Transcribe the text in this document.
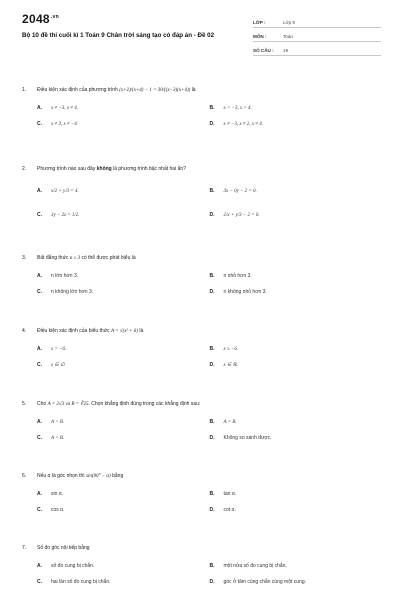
$2048^{.vn}$
Bộ 10 đề thi cuối kì 1 Toán 9 Chân trời sáng tạo có đáp án - Đề 02
LỚP :	Lớp 9
MÔN :	Toán
SỐ CÂU :	19
1.	Điều kiện xác định của phương trình
(x+2)/(x+4) − 1 = 30/((x−3)(x+4))
là
A.	x ≠ −3, x ≠ 4.	B.	x < −3, x > 4.
C.	x ≠ 3, x ≠ −4.	D.	x ≠ −3, x ≠ 2, x ≠ 4.
2.	Phương trình nào sau đây
không
là phương trình bậc nhất hai ẩn?
A.	x/2 + y/3 = 4.	B.	3x − 0y − 2 = 0.
C.	3y − 2z = 1/2.	D.	2/x + y/3 − 2 = 0.
3.	Bất đẳng thức
n ≤ 3
có thể được phát biểu là
A.	n lớn hơn 3.	B.	n nhỏ hơn 3.
C.	n không lớn hơn 3.	D.	n không nhỏ hơn 3.
4.	Điều kiện xác định của biểu thức
A = √(x² + 6)
là
A.	x > −6.	B.	x ≥ −6.
C.	x ∈ ∅.	D.	x ∈ ℝ.
5.	Cho
A = 2√3 và B = ∛25 . Chọn khẳng định đúng trong các khẳng định sau:
A.	A > B.	B.	A = B.
C.	A < B.	D.	Không so sánh được.
6.	Nếu α là góc nhọn thì
sin(90° − α)
bằng
A.	sin α.	B.	tan α.
C.	cos α.	D.	cot α.
7.	Số đo góc nội tiếp bằng
A.	số đo cung bị chắn.	B.	một nửa số đo cung bị chắn.
C.	hai lần số đo cung bị chắn.	D.	góc ở tâm cùng chắn cùng một cung.
